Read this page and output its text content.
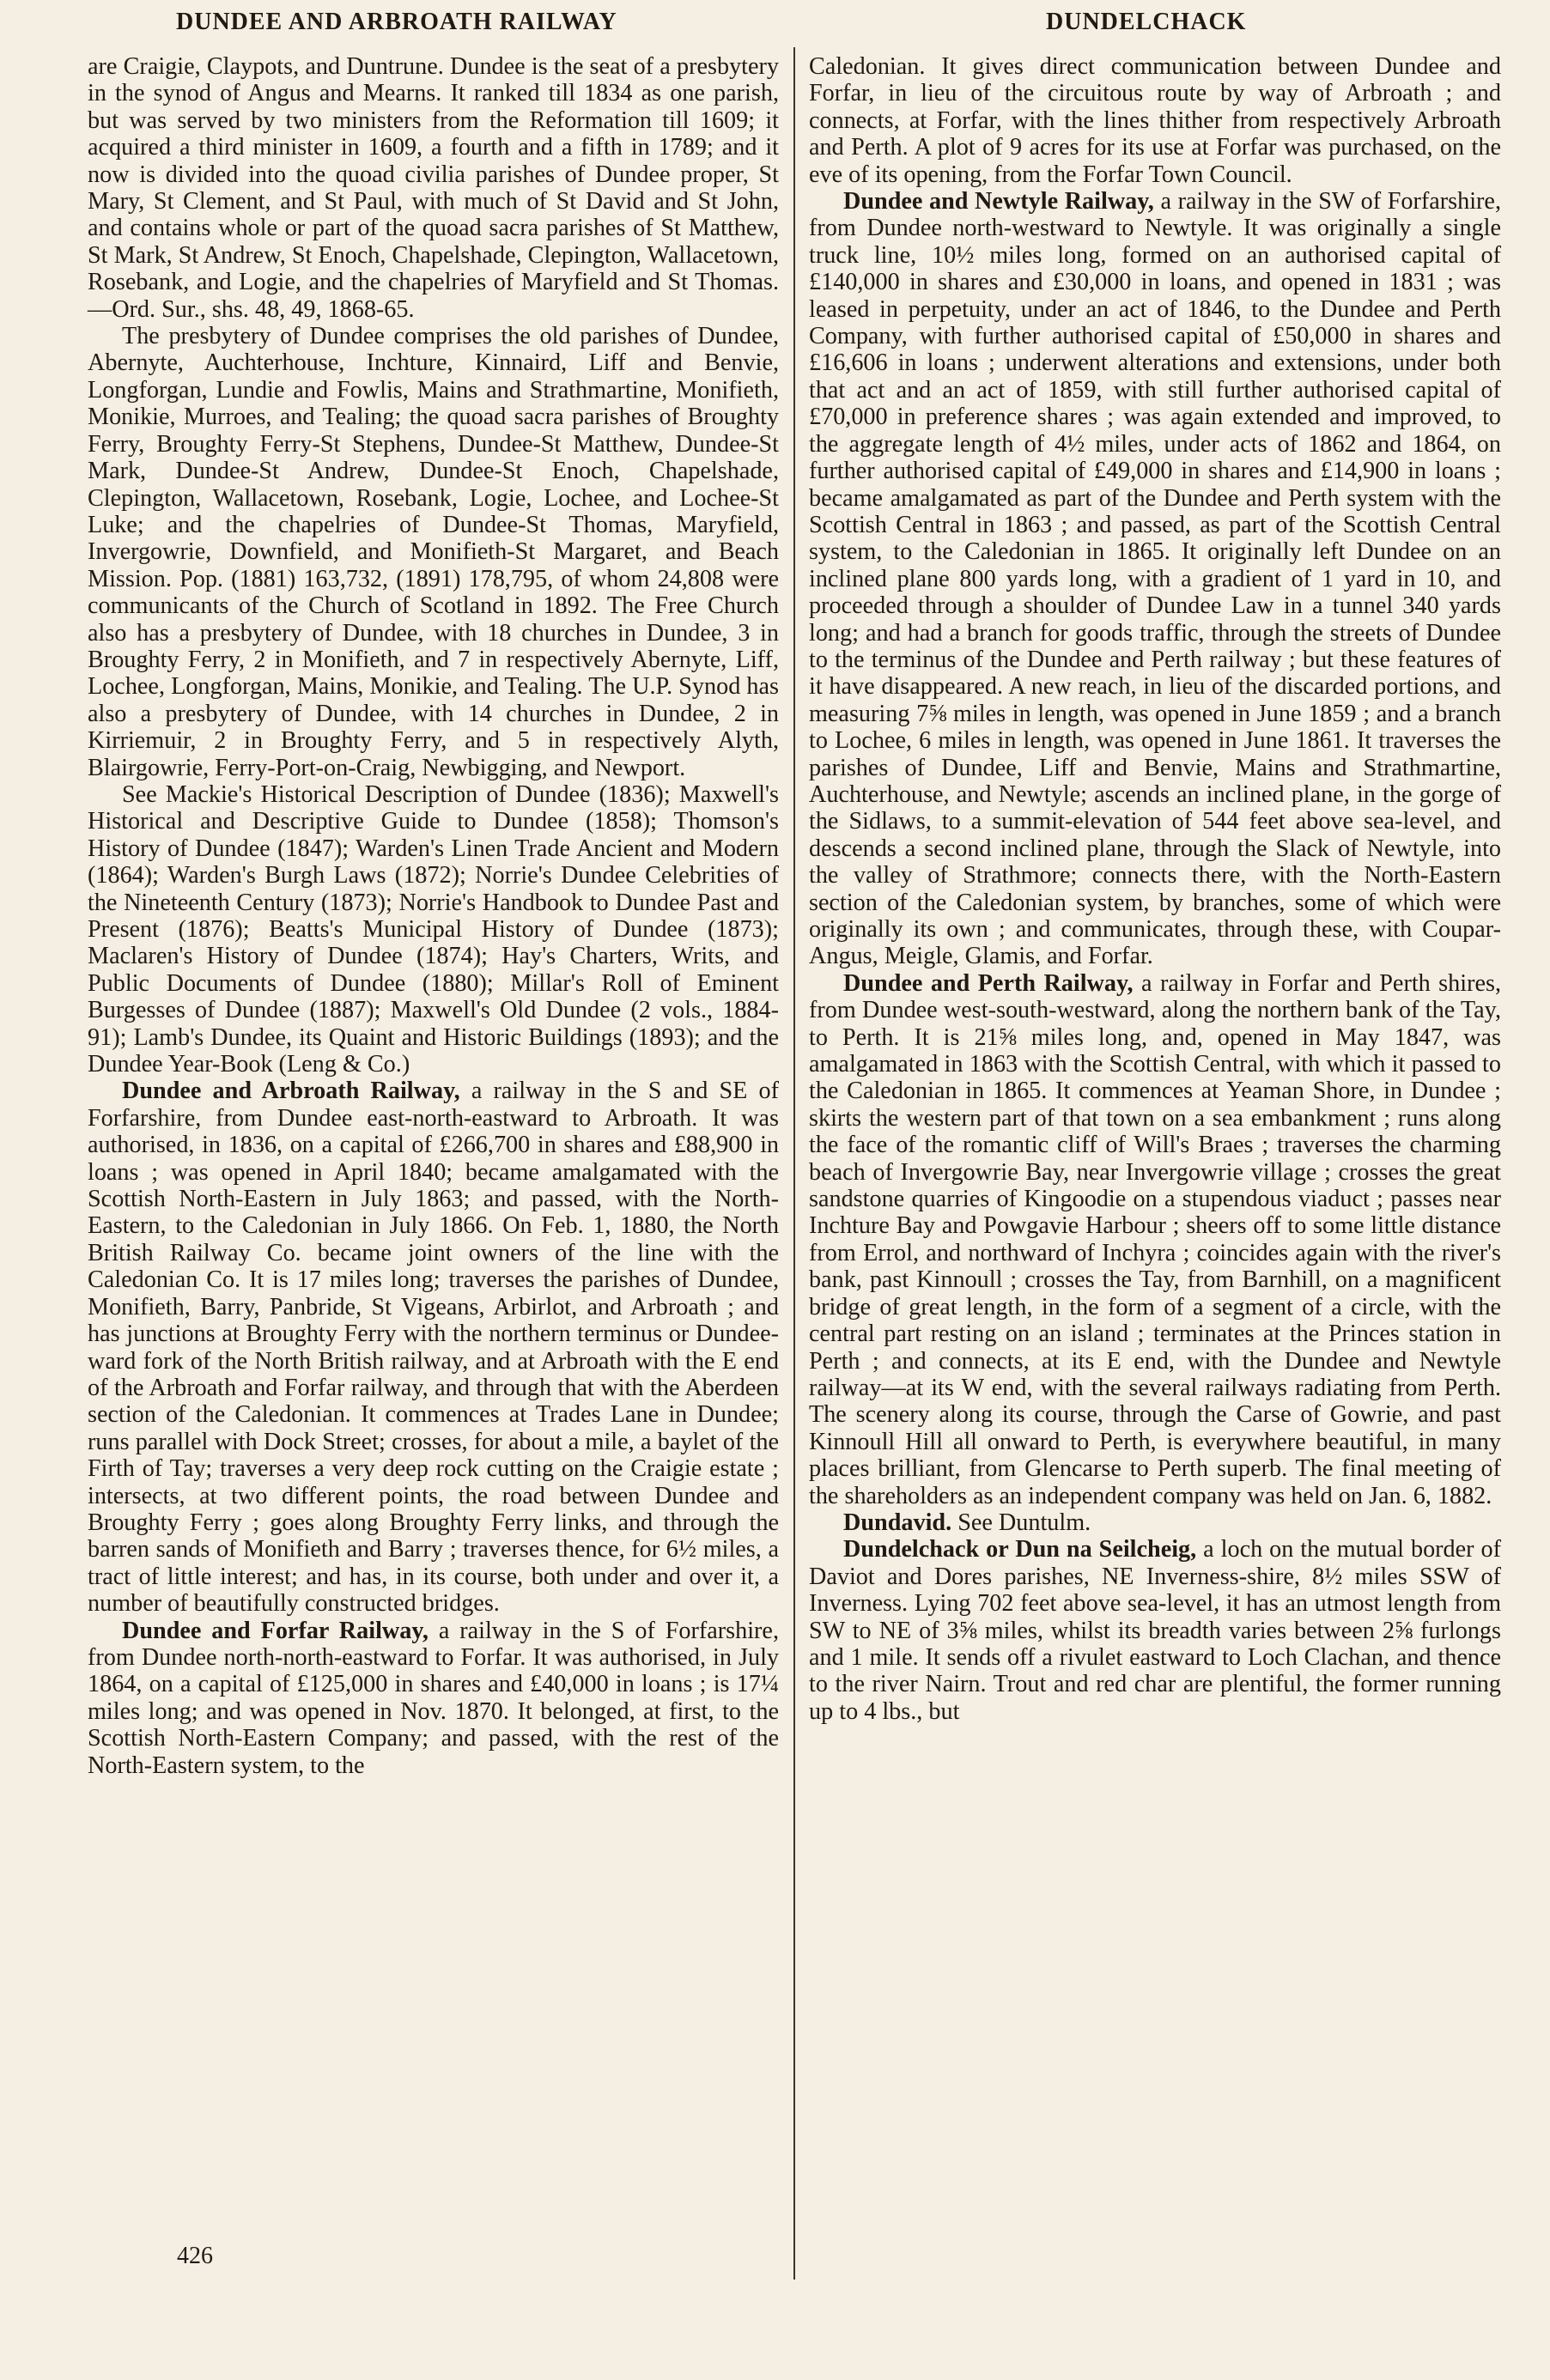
DUNDEE AND ARBROATH RAILWAY	DUNDELCHACK

are Craigie, Claypots, and Duntrune. Dundee is the seat of a presbytery in the synod of Angus and Mearns. It ranked till 1834 as one parish, but was served by two ministers from the Reformation till 1609; it acquired a third minister in 1609, a fourth and a fifth in 1789; and it now is divided into the quoad civilia parishes of Dundee proper, St Mary, St Clement, and St Paul, with much of St David and St John, and contains whole or part of the quoad sacra parishes of St Matthew, St Mark, St Andrew, St Enoch, Chapelshade, Clepington, Wallacetown, Rosebank, and Logie, and the chapelries of Maryfield and St Thomas.—Ord. Sur., shs. 48, 49, 1868-65.

The presbytery of Dundee comprises the old parishes of Dundee, Abernyte, Auchterhouse, Inchture, Kinnaird, Liff and Benvie, Longforgan, Lundie and Fowlis, Mains and Strathmartine, Monifieth, Monikie, Murroes, and Tealing; the quoad sacra parishes of Broughty Ferry, Broughty Ferry-St Stephens, Dundee-St Matthew, Dundee-St Mark, Dundee-St Andrew, Dundee-St Enoch, Chapelshade, Clepington, Wallacetown, Rosebank, Logie, Lochee, and Lochee-St Luke; and the chapelries of Dundee-St Thomas, Maryfield, Invergowrie, Downfield, and Monifieth-St Margaret, and Beach Mission. Pop. (1881) 163,732, (1891) 178,795, of whom 24,808 were communicants of the Church of Scotland in 1892. The Free Church also has a presbytery of Dundee, with 18 churches in Dundee, 3 in Broughty Ferry, 2 in Monifieth, and 7 in respectively Abernyte, Liff, Lochee, Longforgan, Mains, Monikie, and Tealing. The U.P. Synod has also a presbytery of Dundee, with 14 churches in Dundee, 2 in Kirriemuir, 2 in Broughty Ferry, and 5 in respectively Alyth, Blairgowrie, Ferry-Port-on-Craig, Newbigging, and Newport.

See Mackie's Historical Description of Dundee (1836); Maxwell's Historical and Descriptive Guide to Dundee (1858); Thomson's History of Dundee (1847); Warden's Linen Trade Ancient and Modern (1864); Warden's Burgh Laws (1872); Norrie's Dundee Celebrities of the Nineteenth Century (1873); Norrie's Handbook to Dundee Past and Present (1876); Beatts's Municipal History of Dundee (1873); Maclaren's History of Dundee (1874); Hay's Charters, Writs, and Public Documents of Dundee (1880); Millar's Roll of Eminent Burgesses of Dundee (1887); Maxwell's Old Dundee (2 vols., 1884-91); Lamb's Dundee, its Quaint and Historic Buildings (1893); and the Dundee Year-Book (Leng & Co.)

Dundee and Arbroath Railway, a railway in the S and SE of Forfarshire, from Dundee east-north-eastward to Arbroath. It was authorised, in 1836, on a capital of £266,700 in shares and £88,900 in loans ; was opened in April 1840; became amalgamated with the Scottish North-Eastern in July 1863; and passed, with the North-Eastern, to the Caledonian in July 1866. On Feb. 1, 1880, the North British Railway Co. became joint owners of the line with the Caledonian Co. It is 17 miles long; traverses the parishes of Dundee, Monifieth, Barry, Panbride, St Vigeans, Arbirlot, and Arbroath ; and has junctions at Broughty Ferry with the northern terminus or Dundee-ward fork of the North British railway, and at Arbroath with the E end of the Arbroath and Forfar railway, and through that with the Aberdeen section of the Caledonian. It commences at Trades Lane in Dundee; runs parallel with Dock Street; crosses, for about a mile, a baylet of the Firth of Tay; traverses a very deep rock cutting on the Craigie estate ; intersects, at two different points, the road between Dundee and Broughty Ferry ; goes along Broughty Ferry links, and through the barren sands of Monifieth and Barry ; traverses thence, for 6½ miles, a tract of little interest; and has, in its course, both under and over it, a number of beautifully constructed bridges.

Dundee and Forfar Railway, a railway in the S of Forfarshire, from Dundee north-north-eastward to Forfar. It was authorised, in July 1864, on a capital of £125,000 in shares and £40,000 in loans ; is 17¼ miles long; and was opened in Nov. 1870. It belonged, at first, to the Scottish North-Eastern Company; and passed, with the rest of the North-Eastern system, to the

Caledonian. It gives direct communication between Dundee and Forfar, in lieu of the circuitous route by way of Arbroath ; and connects, at Forfar, with the lines thither from respectively Arbroath and Perth. A plot of 9 acres for its use at Forfar was purchased, on the eve of its opening, from the Forfar Town Council.

Dundee and Newtyle Railway, a railway in the SW of Forfarshire, from Dundee north-westward to Newtyle. It was originally a single truck line, 10½ miles long, formed on an authorised capital of £140,000 in shares and £30,000 in loans, and opened in 1831 ; was leased in perpetuity, under an act of 1846, to the Dundee and Perth Company, with further authorised capital of £50,000 in shares and £16,606 in loans ; underwent alterations and extensions, under both that act and an act of 1859, with still further authorised capital of £70,000 in preference shares ; was again extended and improved, to the aggregate length of 4½ miles, under acts of 1862 and 1864, on further authorised capital of £49,000 in shares and £14,900 in loans ; became amalgamated as part of the Dundee and Perth system with the Scottish Central in 1863 ; and passed, as part of the Scottish Central system, to the Caledonian in 1865. It originally left Dundee on an inclined plane 800 yards long, with a gradient of 1 yard in 10, and proceeded through a shoulder of Dundee Law in a tunnel 340 yards long; and had a branch for goods traffic, through the streets of Dundee to the terminus of the Dundee and Perth railway ; but these features of it have disappeared. A new reach, in lieu of the discarded portions, and measuring 7⅝ miles in length, was opened in June 1859 ; and a branch to Lochee, 6 miles in length, was opened in June 1861. It traverses the parishes of Dundee, Liff and Benvie, Mains and Strathmartine, Auchterhouse, and Newtyle; ascends an inclined plane, in the gorge of the Sidlaws, to a summit-elevation of 544 feet above sea-level, and descends a second inclined plane, through the Slack of Newtyle, into the valley of Strathmore; connects there, with the North-Eastern section of the Caledonian system, by branches, some of which were originally its own ; and communicates, through these, with Coupar-Angus, Meigle, Glamis, and Forfar.

Dundee and Perth Railway, a railway in Forfar and Perth shires, from Dundee west-south-westward, along the northern bank of the Tay, to Perth. It is 21⅝ miles long, and, opened in May 1847, was amalgamated in 1863 with the Scottish Central, with which it passed to the Caledonian in 1865. It commences at Yeaman Shore, in Dundee ; skirts the western part of that town on a sea embankment ; runs along the face of the romantic cliff of Will's Braes ; traverses the charming beach of Invergowrie Bay, near Invergowrie village ; crosses the great sandstone quarries of Kingoodie on a stupendous viaduct ; passes near Inchture Bay and Powgavie Harbour ; sheers off to some little distance from Errol, and northward of Inchyra ; coincides again with the river's bank, past Kinnoull ; crosses the Tay, from Barnhill, on a magnificent bridge of great length, in the form of a segment of a circle, with the central part resting on an island ; terminates at the Princes station in Perth ; and connects, at its E end, with the Dundee and Newtyle railway—at its W end, with the several railways radiating from Perth. The scenery along its course, through the Carse of Gowrie, and past Kinnoull Hill all onward to Perth, is everywhere beautiful, in many places brilliant, from Glencarse to Perth superb. The final meeting of the shareholders as an independent company was held on Jan. 6, 1882.

Dundavid. See Duntulm.

Dundelchack or Dun na Seilcheig, a loch on the mutual border of Daviot and Dores parishes, NE Inverness-shire, 8½ miles SSW of Inverness. Lying 702 feet above sea-level, it has an utmost length from SW to NE of 3⅝ miles, whilst its breadth varies between 2⅝ furlongs and 1 mile. It sends off a rivulet eastward to Loch Clachan, and thence to the river Nairn. Trout and red char are plentiful, the former running up to 4 lbs., but

426
